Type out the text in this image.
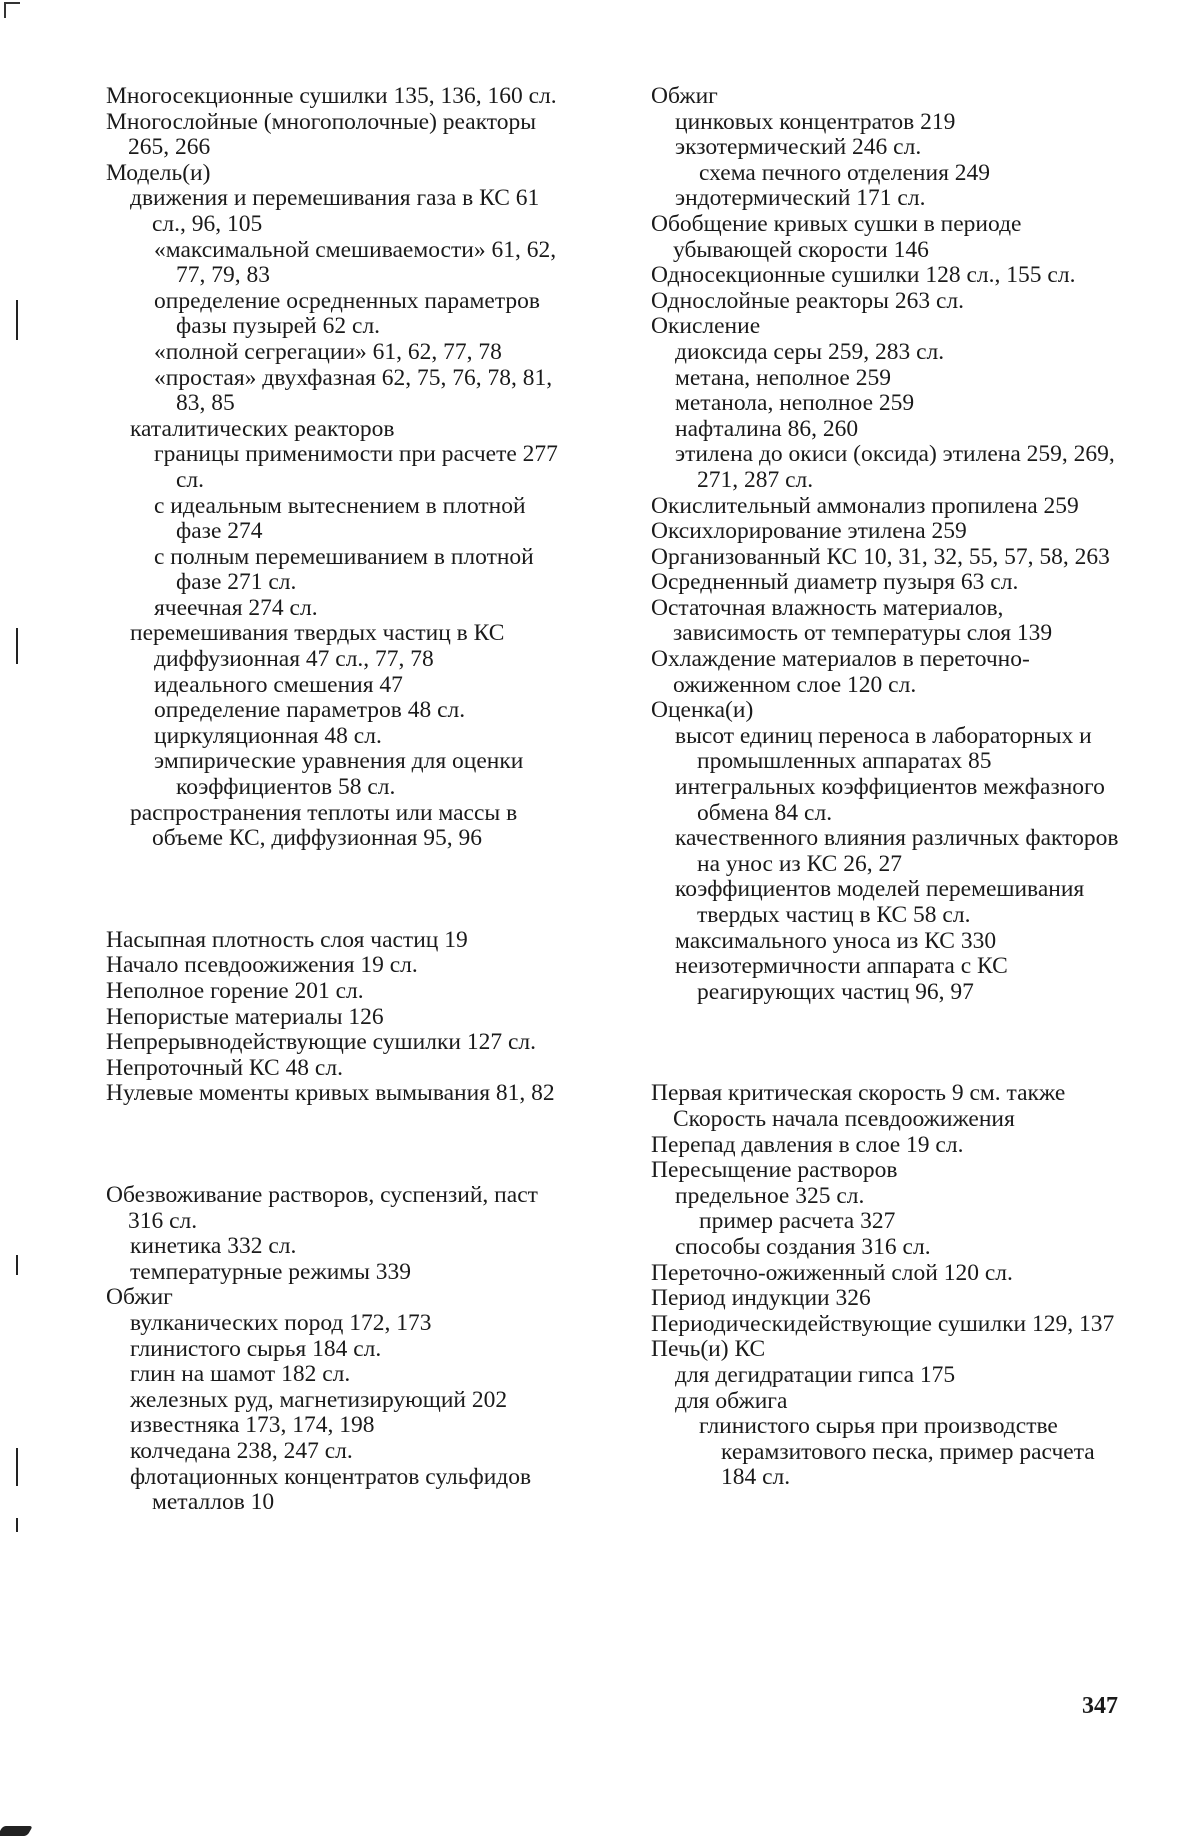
Многосекционные сушилки 135, 136, 160 сл.
Многослойные (многополочные) реакторы 265, 266
Модель(и)
движения и перемешивания газа в КС 61 сл., 96, 105
«максимальной смешиваемости» 61, 62, 77, 79, 83
определение осредненных параметров фазы пузырей 62 сл.
«полной сегрегации» 61, 62, 77, 78
«простая» двухфазная 62, 75, 76, 78, 81, 83, 85
каталитических реакторов
границы применимости при расчете 277 сл.
с идеальным вытеснением в плотной фазе 274
с полным перемешиванием в плотной фазе 271 сл.
ячеечная 274 сл.
перемешивания твердых частиц в КС
диффузионная 47 сл., 77, 78
идеального смешения 47
определение параметров 48 сл.
циркуляционная 48 сл.
эмпирические уравнения для оценки коэффициентов 58 сл.
распространения теплоты или массы в объеме КС, диффузионная 95, 96
Насыпная плотность слоя частиц 19
Начало псевдоожижения 19 сл.
Неполное горение 201 сл.
Непористые материалы 126
Непрерывнодействующие сушилки 127 сл.
Непроточный КС 48 сл.
Нулевые моменты кривых вымывания 81, 82
Обезвоживание растворов, суспензий, паст 316 сл.
кинетика 332 сл.
температурные режимы 339
Обжиг
вулканических пород 172, 173
глинистого сырья 184 сл.
глин на шамот 182 сл.
железных руд, магнетизирующий 202
известняка 173, 174, 198
колчедана 238, 247 сл.
флотационных концентратов сульфидов металлов 10
Обжиг
цинковых концентратов 219
экзотермический 246 сл.
схема печного отделения 249
эндотермический 171 сл.
Обобщение кривых сушки в периоде убывающей скорости 146
Односекционные сушилки 128 сл., 155 сл.
Однослойные реакторы 263 сл.
Окисление
диоксида серы 259, 283 сл.
метана, неполное 259
метанола, неполное 259
нафталина 86, 260
этилена до окиси (оксида) этилена 259, 269, 271, 287 сл.
Окислительный аммонализ пропилена 259
Оксихлорирование этилена 259
Организованный КС 10, 31, 32, 55, 57, 58, 263
Осредненный диаметр пузыря 63 сл.
Остаточная влажность материалов, зависимость от температуры слоя 139
Охлаждение материалов в переточно-ожиженном слое 120 сл.
Оценка(и)
высот единиц переноса в лабораторных и промышленных аппаратах 85
интегральных коэффициентов межфазного обмена 84 сл.
качественного влияния различных факторов на унос из КС 26, 27
коэффициентов моделей перемешивания твердых частиц в КС 58 сл.
максимального уноса из КС 330
неизотермичности аппарата с КС реагирующих частиц 96, 97
Первая критическая скорость 9 см. также Скорость начала псевдоожижения
Перепад давления в слое 19 сл.
Пересыщение растворов
предельное 325 сл.
пример расчета 327
способы создания 316 сл.
Переточно-ожиженный слой 120 сл.
Период индукции 326
Периодическидействующие сушилки 129, 137
Печь(и) КС
для дегидратации гипса 175
для обжига
глинистого сырья при производстве керамзитового песка, пример расчета 184 сл.
347
